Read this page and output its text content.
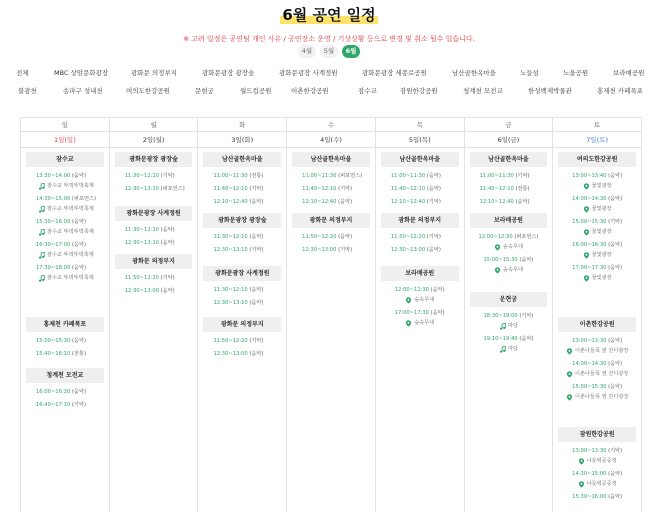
6월 공연 일정
※ 고려 일정은 공연팀 개인 사유 / 공연장소 운영 / 기상상황 등으로 변경 및 취소 될수 있습니다.
4월	5월	6월
전체	MBC 상암문화광장	광화문 의정부지	광화문광장 광장숲	광화문광장 사계정원	광화문광장 세종로공원	남산골한옥마을	노들섬	노을공원	보라매공원
불광천	송파구 성내천	여의도한강공원	문현궁	월드컵공원	이촌한강공원	잠수교	잠원한강공원	청계천 모전교	한성백제박물관	홍제천 카페폭포
일
1일(일)
잠수교
13:30~14:00 (음악)
잠수교 뚜벅뚜벅축제
14:30~15:00 (퍼포먼스)
잠수교 뚜벅뚜벅축제
15:30~16:00 (음악)
잠수교 뚜벅뚜벅축제
16:30~17:00 (음악)
잠수교 뚜벅뚜벅축제
17:30~18:00 (음악)
잠수교 뚜벅뚜벅축제
홍제천 카페폭포
15:00~15:30 (음악)
15:40~16:10 (전통)
청계천 모전교
16:00~16:30 (음악)
16:40~17:10 (기악)
월
2일(월)
광화문광장 광장숲
11:30~12:10 (기악)
12:30~13:10 (퍼포먼스)
광화문광장 사계정원
11:30~12:10 (음악)
12:30~13:10 (음악)
광화문 의정부지
11:50~12:20 (기악)
12:30~13:00 (음악)
화
3일(화)
남산골한옥마을
11:00~11:30 (전통)
11:40~12:10 (기악)
12:10~12:40 (음악)
광화문광장 광장숲
11:30~12:10 (음악)
12:30~13:10 (기악)
광화문광장 사계정원
11:30~12:10 (음악)
12:30~13:10 (음악)
광화문 의정부지
11:50~12:20 (기악)
12:30~13:00 (음악)
수
4일(수)
남산골한옥마을
11:00~11:30 (퍼포먼스)
11:40~12:10 (기악)
12:10~12:40 (음악)
광화문 의정부지
11:50~12:20 (음악)
12:30~13:00 (기악)
목
5일(목)
남산골한옥마을
11:00~11:30 (음악)
11:40~12:10 (음악)
12:10~12:40 (기악)
광화문 의정부지
11:50~12:20 (기악)
12:30~13:00 (음악)
보라매공원
12:00~12:30 (음악)
숲속무대
17:00~17:30 (음악)
숲속무대
금
6일(금)
남산골한옥마을
11:00~11:30 (기악)
11:40~12:10 (전통)
12:10~12:40 (음악)
보라매공원
12:00~12:30 (퍼포먼스)
숲속무대
15:00~15:30 (음악)
숲속무대
운현궁
18:30~19:00 (기악)
마당
19:10~19:40 (음악)
마당
토
7일(토)
여의도한강공원
13:00~13:40 (음악)
물빛광장
14:00~14:30 (음악)
물빛광장
15:00~15:30 (기악)
물빛광장
16:00~16:30 (음악)
물빛광장
17:00~17:30 (음악)
물빛광장
이촌한강공원
13:00~13:30 (음악)
이촌나들목 옆 잔디광장
14:00~14:30 (음악)
이촌나들목 옆 잔디광장
15:00~15:30 (음악)
이촌나들목 옆 잔디광장
잠원한강공원
13:00~13:30 (기악)
나룻텍공중정
14:30~15:00 (음악)
나룻텍공중정
15:30~16:00 (음악)
